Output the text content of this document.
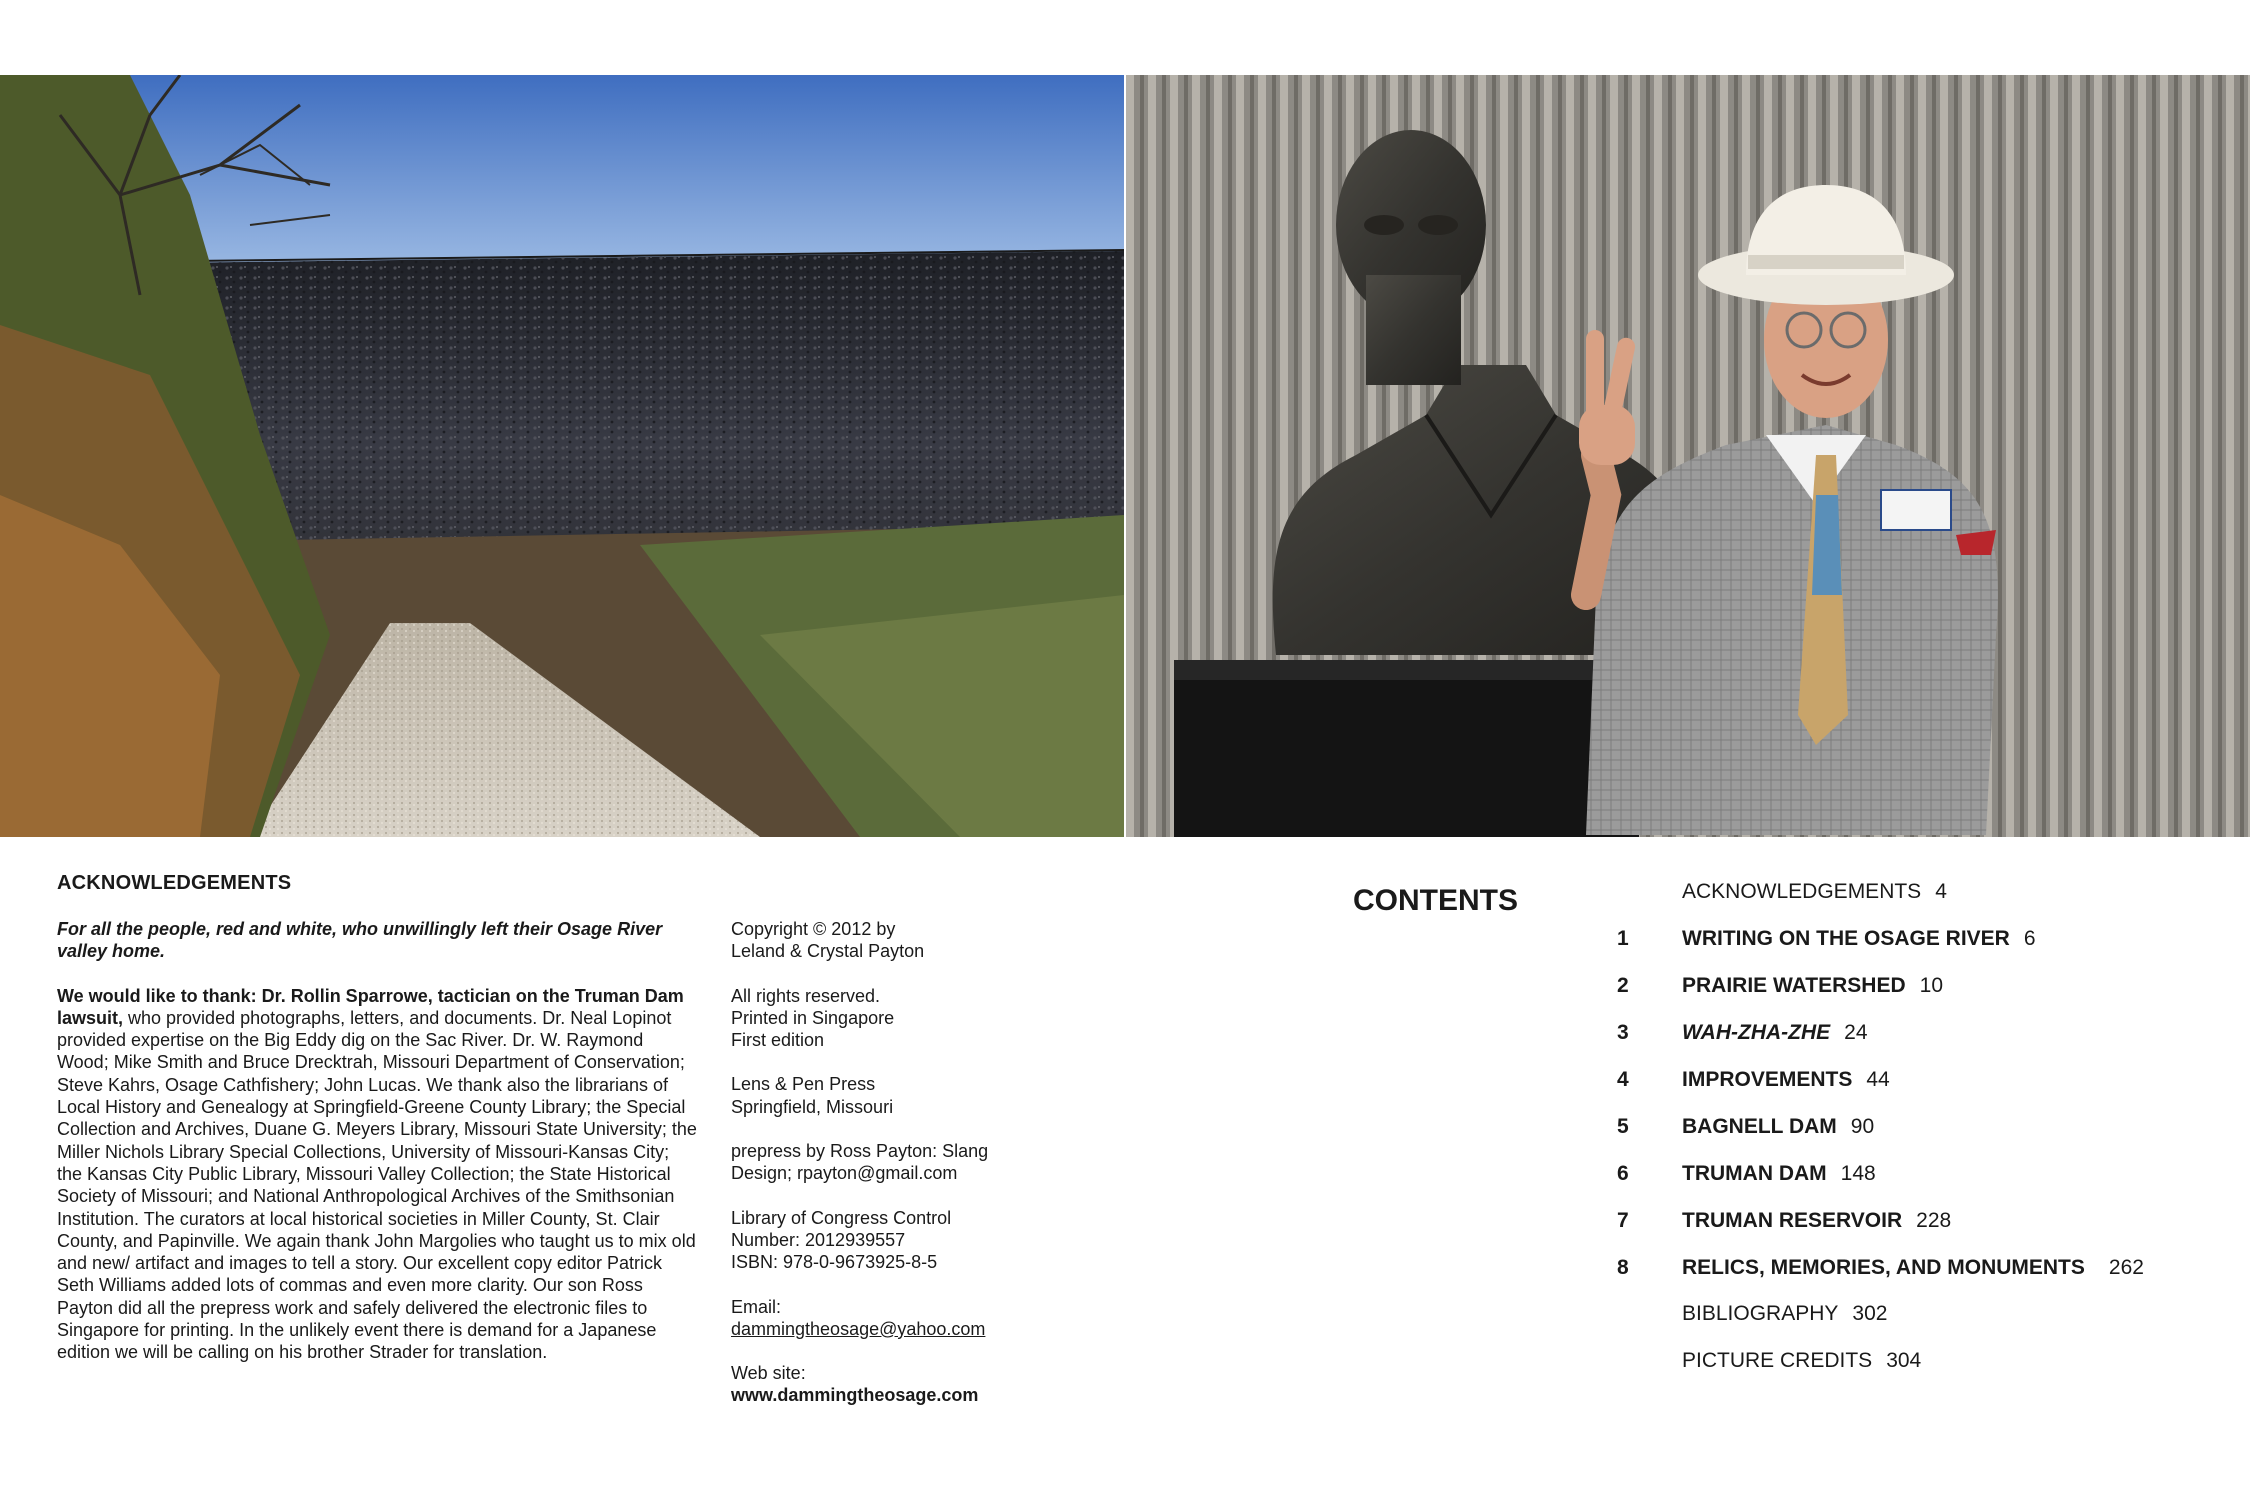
ACKNOWLEDGEMENTS

For all the people, red and white, who unwillingly left their Osage River valley home.

We would like to thank: Dr. Rollin Sparrowe, tactician on the Truman Dam lawsuit, who provided photographs, letters, and documents. Dr. Neal Lopinot provided expertise on the Big Eddy dig on the Sac River. Dr. W. Raymond Wood; Mike Smith and Bruce Drecktrah, Missouri Department of Conservation; Steve Kahrs, Osage Cathfishery; John Lucas. We thank also the librarians of Local History and Genealogy at Springfield-Greene County Library; the Special Collection and Archives, Duane G. Meyers Library, Missouri State University; the Miller Nichols Library Special Collections, University of Missouri-Kansas City; the Kansas City Public Library, Missouri Valley Collection; the State Historical Society of Missouri; and National Anthropological Archives of the Smithsonian Institution. The curators at local historical societies in Miller County, St. Clair County, and Papinville. We again thank John Margolies who taught us to mix old and new/ artifact and images to tell a story. Our excellent copy editor Patrick Seth Williams added lots of commas and even more clarity. Our son Ross Payton did all the prepress work and safely delivered the electronic files to Singapore for printing. In the unlikely event there is demand for a Japanese edition we will be calling on his brother Strader for translation.

Copyright © 2012 by
Leland & Crystal Payton

All rights reserved.
Printed in Singapore
First edition

Lens & Pen Press
Springfield, Missouri

prepress by Ross Payton: Slang
Design; rpayton@gmail.com

Library of Congress Control
Number: 2012939557
ISBN: 978-0-9673925-8-5

Email:
dammingtheosage@yahoo.com

Web site:
www.dammingtheosage.com

CONTENTS	ACKNOWLEDGEMENTS 4
1	WRITING ON THE OSAGE RIVER 6
2	PRAIRIE WATERSHED 10
3	WAH-ZHA-ZHE 24
4	IMPROVEMENTS 44
5	BAGNELL DAM 90
6	TRUMAN DAM 148
7	TRUMAN RESERVOIR 228
8	RELICS, MEMORIES, AND MONUMENTS 262
BIBLIOGRAPHY 302
PICTURE CREDITS 304
